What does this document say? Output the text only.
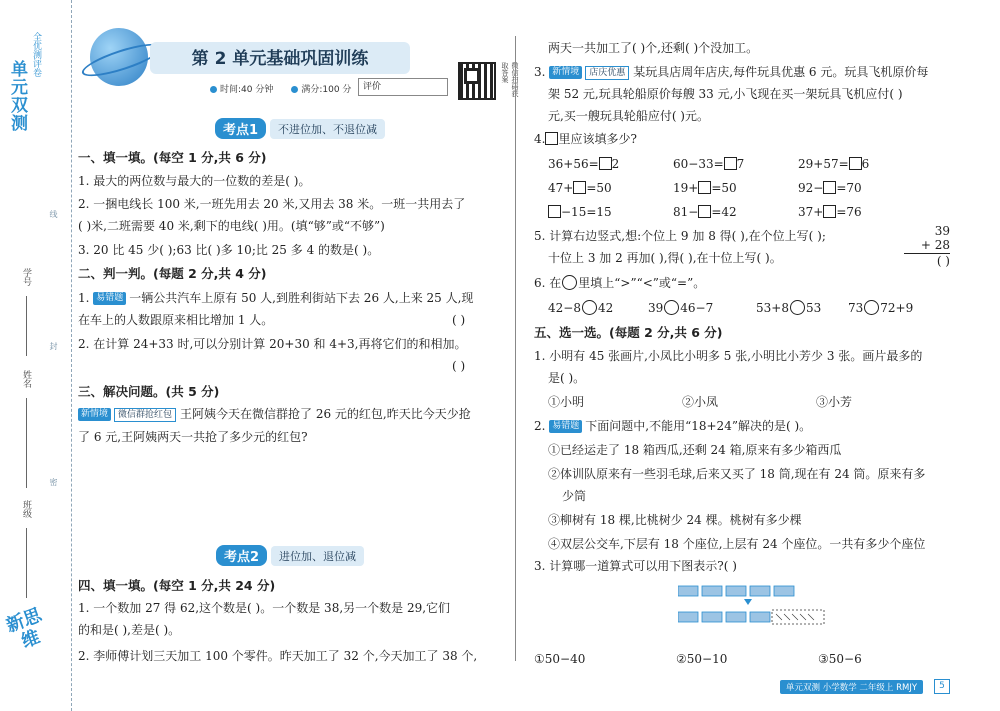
单元双测
全优测评卷
学号
姓名
班级
线
封
密
新思维
第 2 单元基础巩固训练
时间:40 分钟	满分:100 分	评价	微信扫码获取答案
考点1	不进位加、不退位减
一、填一填。(每空 1 分,共 6 分)
1. 最大的两位数与最大的一位数的差是( )。
2. 一捆电线长 100 米,一班先用去 20 米,又用去 38 米。一班一共用去了
( )米,二班需要 40 米,剩下的电线( )用。(填“够”或“不够”)
3. 20 比 45 少( );63 比( )多 10;比 25 多 4 的数是( )。
二、判一判。(每题 2 分,共 4 分)
1. 易错题 一辆公共汽车上原有 50 人,到胜利街站下去 26 人,上来 25 人,现
在车上的人数跟原来相比增加 1 人。	( )
2. 在计算 24+33 时,可以分别计算 20+30 和 4+3,再将它们的和相加。
( )
三、解决问题。(共 5 分)
新情境 微信群抢红包 王阿姨今天在微信群抢了 26 元的红包,昨天比今天少抢
了 6 元,王阿姨两天一共抢了多少元的红包?
考点2	进位加、退位减
四、填一填。(每空 1 分,共 24 分)
1. 一个数加 27 得 62,这个数是( )。一个数是 38,另一个数是 29,它们
的和是( ),差是( )。
2. 李师傅计划三天加工 100 个零件。昨天加工了 32 个,今天加工了 38 个,
两天一共加工了( )个,还剩( )个没加工。
3. 新情境 店庆优惠 某玩具店周年店庆,每件玩具优惠 6 元。玩具飞机原价每
架 52 元,玩具轮船原价每艘 33 元,小飞现在买一架玩具飞机应付( )
元,买一艘玩具轮船应付( )元。
4. 里应该填多少?
36+56= 2	60−33= 7	29+57= 6
47+ =50	19+ =50	92− =70
−15=15	81− =42	37+ =76
5. 计算右边竖式,想:个位上 9 加 8 得( ),在个位上写( );
十位上 3 加 2 再加( ),得( ),在十位上写( )。
39
+ 28
( )
6. 在 里填上“>”“<”或“=”。
42−8 42	39 46−7	53+8 53	73 72+9
五、选一选。(每题 2 分,共 6 分)
1. 小明有 45 张画片,小凤比小明多 5 张,小明比小芳少 3 张。画片最多的
是( )。
①小明	②小凤	③小芳
2. 易错题 下面问题中,不能用“18+24”解决的是( )。
①已经运走了 18 箱西瓜,还剩 24 箱,原来有多少箱西瓜
②体训队原来有一些羽毛球,后来又买了 18 筒,现在有 24 筒。原来有多
少筒
③柳树有 18 棵,比桃树少 24 棵。桃树有多少棵
④双层公交车,下层有 18 个座位,上层有 24 个座位。一共有多少个座位
3. 计算哪一道算式可以用下图表示?( )
①50−40	②50−10	③50−6
单元双测 小学数学 二年级上 RMJY	5
